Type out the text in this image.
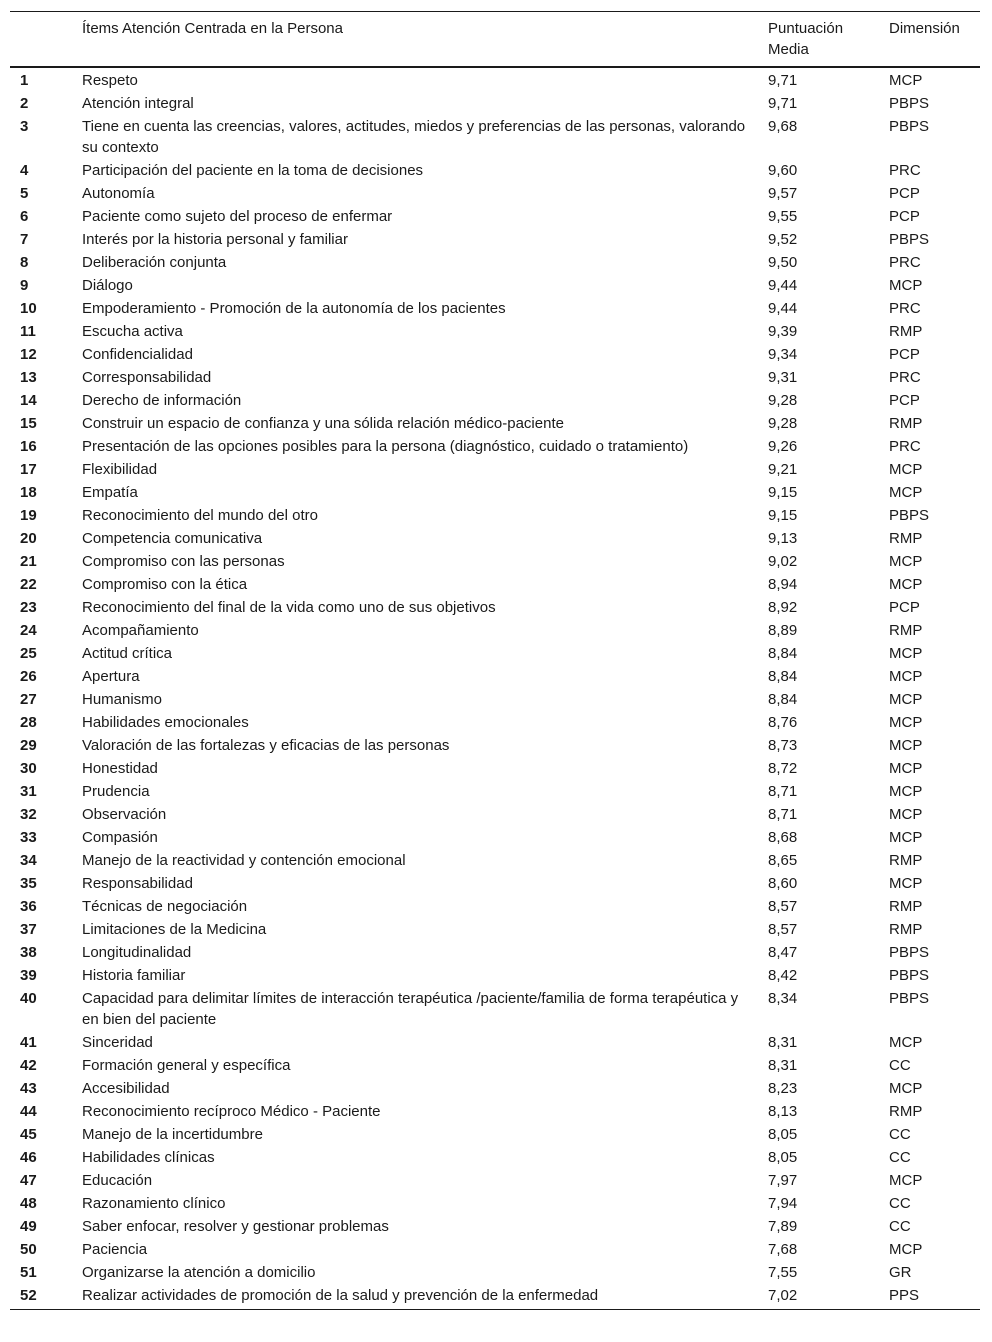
	Ítems Atención Centrada en la Persona	Puntuación Media	Dimensión
1	Respeto	9,71	MCP
2	Atención integral	9,71	PBPS
3	Tiene en cuenta las creencias, valores, actitudes, miedos y preferencias de las personas, valorando su contexto	9,68	PBPS
4	Participación del paciente en la toma de decisiones	9,60	PRC
5	Autonomía	9,57	PCP
6	Paciente como sujeto del proceso de enfermar	9,55	PCP
7	Interés por la historia personal y familiar	9,52	PBPS
8	Deliberación conjunta	9,50	PRC
9	Diálogo	9,44	MCP
10	Empoderamiento - Promoción de la autonomía de los pacientes	9,44	PRC
11	Escucha activa	9,39	RMP
12	Confidencialidad	9,34	PCP
13	Corresponsabilidad	9,31	PRC
14	Derecho de información	9,28	PCP
15	Construir un espacio de confianza y una sólida relación médico-paciente	9,28	RMP
16	Presentación de las opciones posibles para la persona (diagnóstico, cuidado o tratamiento)	9,26	PRC
17	Flexibilidad	9,21	MCP
18	Empatía	9,15	MCP
19	Reconocimiento del mundo del otro	9,15	PBPS
20	Competencia comunicativa	9,13	RMP
21	Compromiso con las personas	9,02	MCP
22	Compromiso con la ética	8,94	MCP
23	Reconocimiento del final de la vida como uno de sus objetivos	8,92	PCP
24	Acompañamiento	8,89	RMP
25	Actitud crítica	8,84	MCP
26	Apertura	8,84	MCP
27	Humanismo	8,84	MCP
28	Habilidades emocionales	8,76	MCP
29	Valoración de las fortalezas y eficacias de las personas	8,73	MCP
30	Honestidad	8,72	MCP
31	Prudencia	8,71	MCP
32	Observación	8,71	MCP
33	Compasión	8,68	MCP
34	Manejo de la reactividad y contención emocional	8,65	RMP
35	Responsabilidad	8,60	MCP
36	Técnicas de negociación	8,57	RMP
37	Limitaciones de la Medicina	8,57	RMP
38	Longitudinalidad	8,47	PBPS
39	Historia familiar	8,42	PBPS
40	Capacidad para delimitar límites de interacción terapéutica /paciente/familia de forma terapéutica y en bien del paciente	8,34	PBPS
41	Sinceridad	8,31	MCP
42	Formación general y específica	8,31	CC
43	Accesibilidad	8,23	MCP
44	Reconocimiento recíproco Médico - Paciente	8,13	RMP
45	Manejo de la incertidumbre	8,05	CC
46	Habilidades clínicas	8,05	CC
47	Educación	7,97	MCP
48	Razonamiento clínico	7,94	CC
49	Saber enfocar, resolver y gestionar problemas	7,89	CC
50	Paciencia	7,68	MCP
51	Organizarse la atención a domicilio	7,55	GR
52	Realizar actividades de promoción de la salud y prevención de la enfermedad	7,02	PPS
